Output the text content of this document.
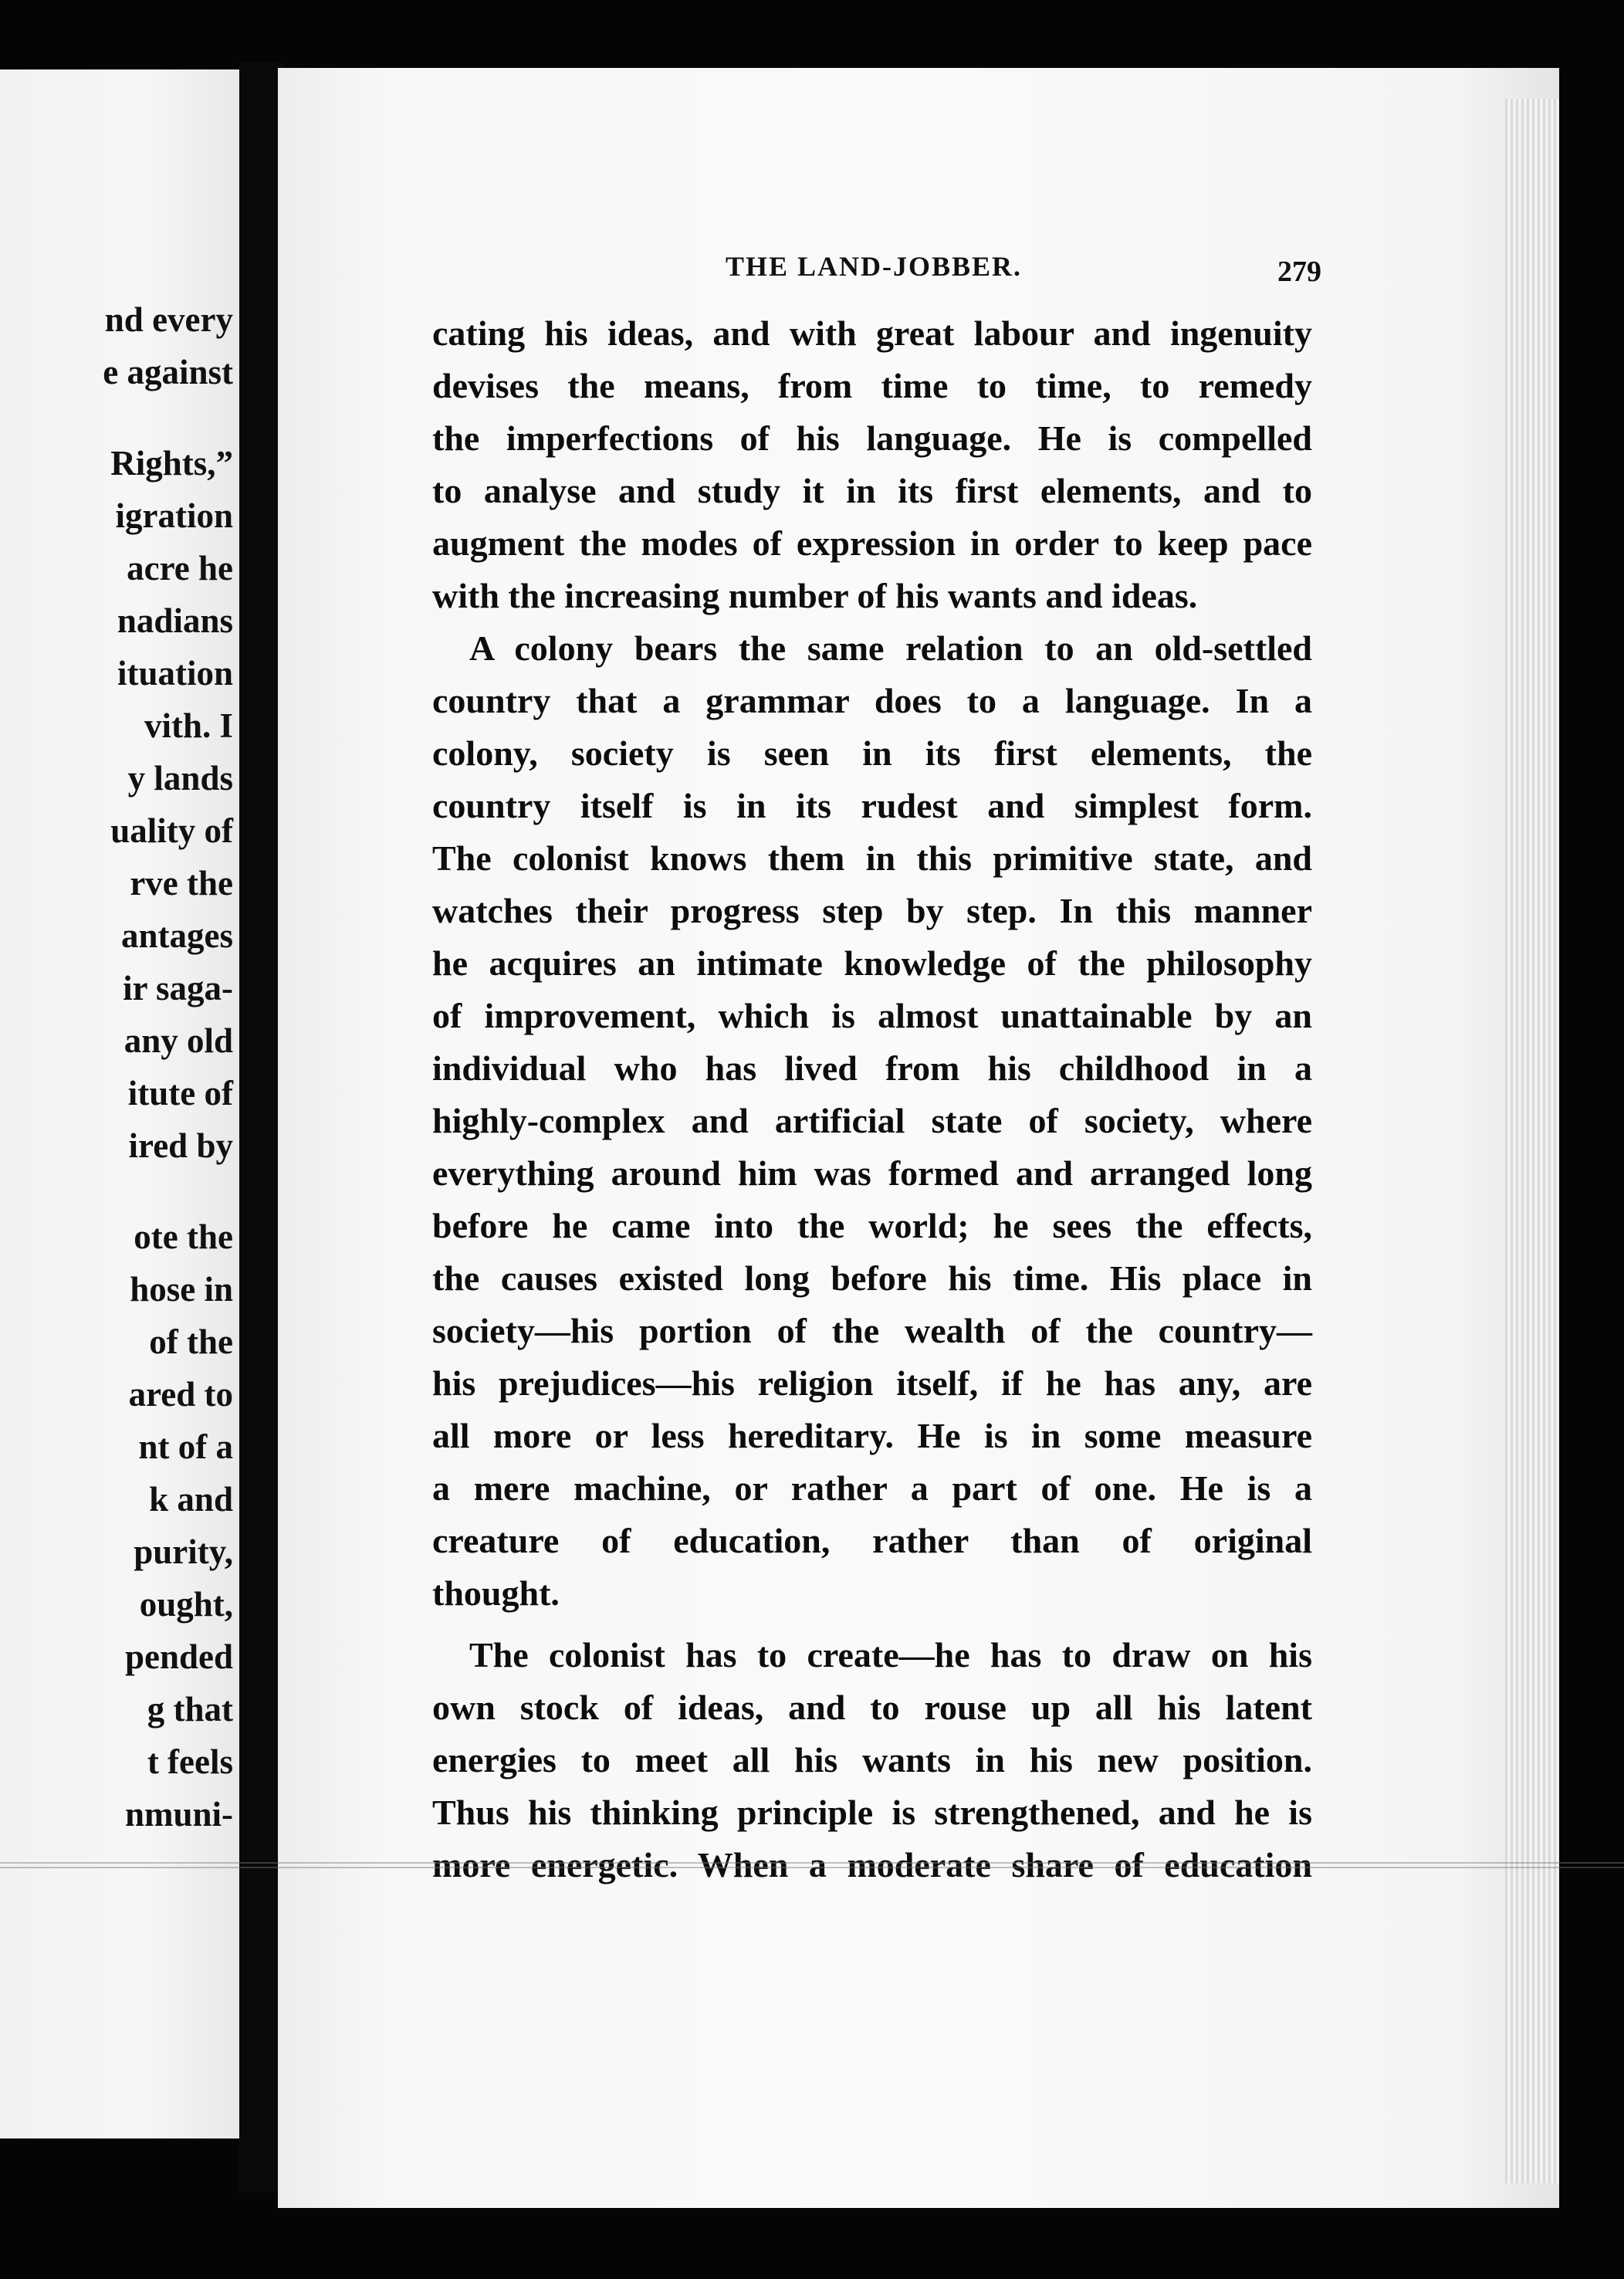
nd every
e against
Rights,”
igration
acre he
nadians
ituation
vith. I
y lands
uality of
rve the
antages
ir saga-
any old
itute of
ired by
ote the
hose in
of the
ared to
nt of a
k and
purity,
ought,
pended
g that
t feels
nmuni-
THE LAND-JOBBER.	279
cating his ideas, and with great labour and ingenuity
devises the means, from time to time, to remedy
the imperfections of his language. He is compelled
to analyse and study it in its first elements, and to
augment the modes of expression in order to keep pace
with the increasing number of his wants and ideas.
A colony bears the same relation to an old-settled
country that a grammar does to a language. In a
colony, society is seen in its first elements, the
country itself is in its rudest and simplest form.
The colonist knows them in this primitive state, and
watches their progress step by step. In this manner
he acquires an intimate knowledge of the philosophy
of improvement, which is almost unattainable by an
individual who has lived from his childhood in a
highly-complex and artificial state of society, where
everything around him was formed and arranged long
before he came into the world; he sees the effects,
the causes existed long before his time. His place in
society—his portion of the wealth of the country—
his prejudices—his religion itself, if he has any, are
all more or less hereditary. He is in some measure
a mere machine, or rather a part of one. He is a
creature of education, rather than of original
thought.
The colonist has to create—he has to draw on his
own stock of ideas, and to rouse up all his latent
energies to meet all his wants in his new position.
Thus his thinking principle is strengthened, and he is
more energetic. When a moderate share of education
